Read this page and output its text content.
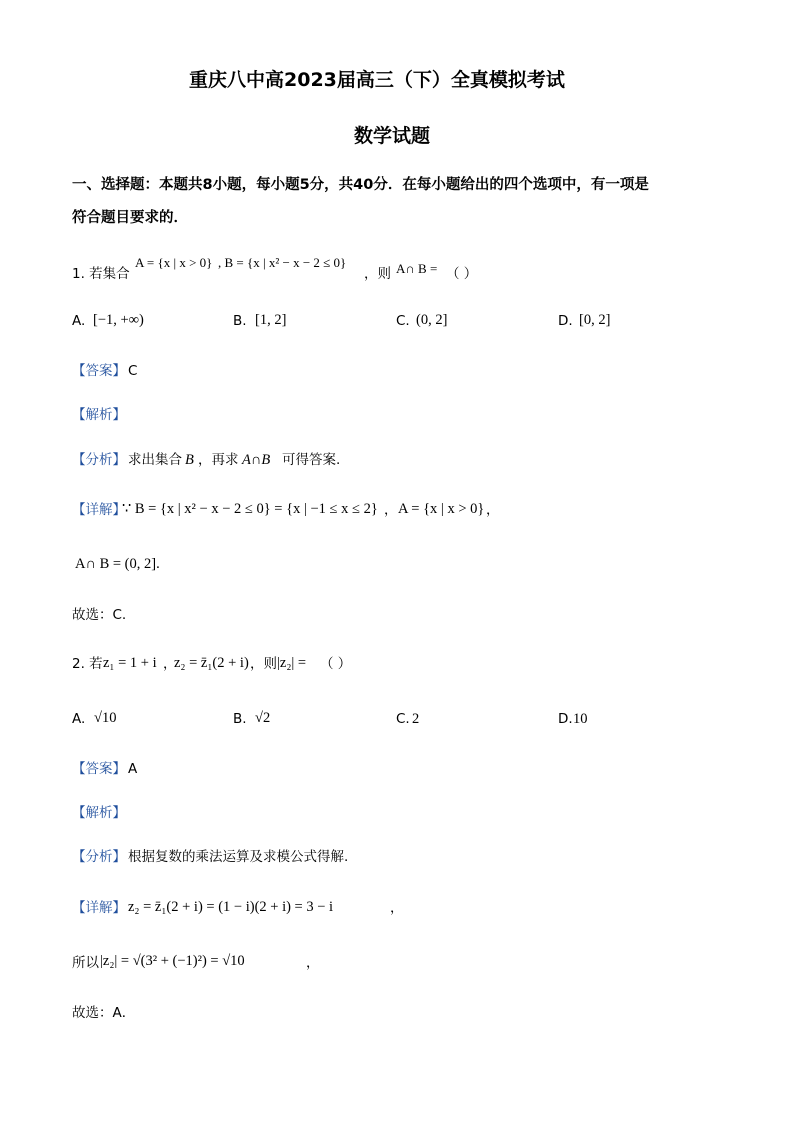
重庆八中高2023届高三（下）全真模拟考试
数学试题
一、选择题：本题共8小题，每小题5分，共40分．在每小题给出的四个选项中，有一项是
符合题目要求的．
1. 若集合
A = {x | x > 0} , B = {x | x² − x − 2 ≤ 0}
，则 A∩ B = （ ）
A. [−1, +∞)	B. [1, 2]	C. (0, 2]	D. [0, 2]
【答案】 C
【解析】
【分析】 求出集合 B ，再求 A∩B 可得答案.
【详解】
∵ B = {x | x² − x − 2 ≤ 0} = {x | −1 ≤ x ≤ 2} ， A = {x | x > 0} ，
A∩ B = (0, 2].
故选：C.
2. 若 z₁ = 1 + i ，
z₂ = z̄₁(2 + i) ，则 |z₂| = （ ）
A. √10	B. √2	C. 2	D. 10
【答案】 A
【解析】
【分析】 根据复数的乘法运算及求模公式得解.
【详解】 z₂ = z̄₁(2 + i) = (1 − i)(2 + i) = 3 − i	，
所以 |z₂| = √(3² + (−1)²) = √10	，
故选：A．
